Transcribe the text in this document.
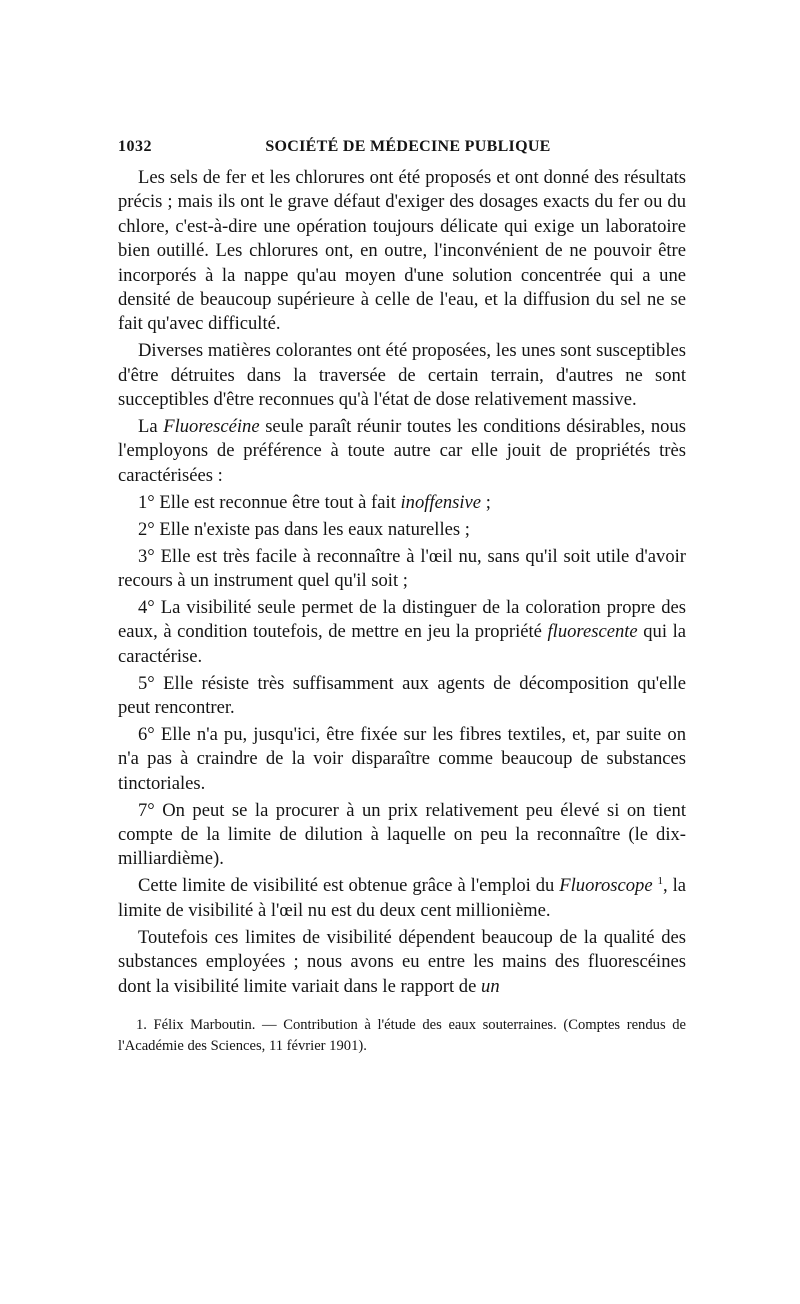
1032	SOCIÉTÉ DE MÉDECINE PUBLIQUE

Les sels de fer et les chlorures ont été proposés et ont donné des résultats précis ; mais ils ont le grave défaut d'exiger des dosages exacts du fer ou du chlore, c'est-à-dire une opération toujours délicate qui exige un laboratoire bien outillé. Les chlorures ont, en outre, l'inconvénient de ne pouvoir être incorporés à la nappe qu'au moyen d'une solution concentrée qui a une densité de beaucoup supérieure à celle de l'eau, et la diffusion du sel ne se fait qu'avec difficulté.

Diverses matières colorantes ont été proposées, les unes sont susceptibles d'être détruites dans la traversée de certain terrain, d'autres ne sont succeptibles d'être reconnues qu'à l'état de dose relativement massive.

La Fluorescéine seule paraît réunir toutes les conditions désirables, nous l'employons de préférence à toute autre car elle jouit de propriétés très caractérisées :

1° Elle est reconnue être tout à fait inoffensive ;

2° Elle n'existe pas dans les eaux naturelles ;

3° Elle est très facile à reconnaître à l'œil nu, sans qu'il soit utile d'avoir recours à un instrument quel qu'il soit ;

4° La visibilité seule permet de la distinguer de la coloration propre des eaux, à condition toutefois, de mettre en jeu la propriété fluorescente qui la caractérise.

5° Elle résiste très suffisamment aux agents de décomposition qu'elle peut rencontrer.

6° Elle n'a pu, jusqu'ici, être fixée sur les fibres textiles, et, par suite on n'a pas à craindre de la voir disparaître comme beaucoup de substances tinctoriales.

7° On peut se la procurer à un prix relativement peu élevé si on tient compte de la limite de dilution à laquelle on peu la reconnaître (le dix-milliardième).

Cette limite de visibilité est obtenue grâce à l'emploi du Fluoroscope $^1$, la limite de visibilité à l'œil nu est du deux cent millionième.

Toutefois ces limites de visibilité dépendent beaucoup de la qualité des substances employées ; nous avons eu entre les mains des fluorescéines dont la visibilité limite variait dans le rapport de un

1. Félix Marboutin. — Contribution à l'étude des eaux souterraines. (Comptes rendus de l'Académie des Sciences, 11 février 1901).
